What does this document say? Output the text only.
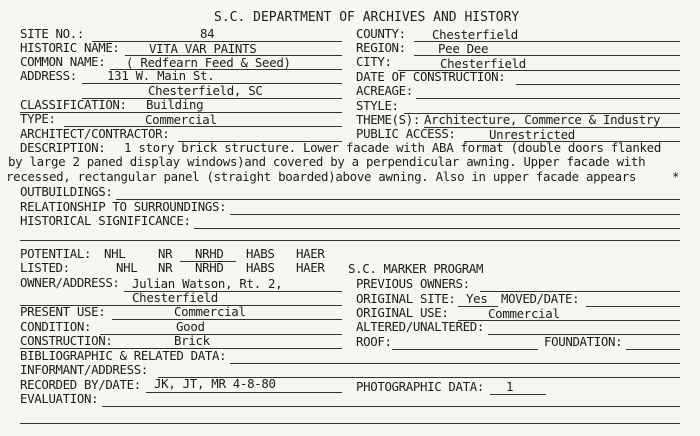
S.C. DEPARTMENT OF ARCHIVES AND HISTORY
SITE NO.:	84
HISTORIC NAME: VITA VAR PAINTS
COMMON NAME: ( Redfearn Feed & Seed)
ADDRESS: 131 W. Main St.
Chesterfield, SC
CLASSIFICATION: Building
TYPE:	Commercial
ARCHITECT/CONTRACTOR:
COUNTY: Chesterfield
REGION:	Pee Dee
CITY:	Chesterfield
DATE OF CONSTRUCTION:
ACREAGE:
STYLE:
THEME(S): Architecture, Commerce & Industry
PUBLIC ACCESS:	Unrestricted
DESCRIPTION: 1 story brick structure. Lower facade with ABA format (double doors flanked
by large 2 paned display windows)and covered by a perpendicular awning. Upper facade with
recessed, rectangular panel (straight boarded)above awning. Also in upper facade appears	*
OUTBUILDINGS:
RELATIONSHIP TO SURROUNDINGS:
HISTORICAL SIGNIFICANCE:
POTENTIAL: NHL	NR NRHD HABS HAER
LISTED:	NHL NR NRHD HABS HAER S.C. MARKER PROGRAM
OWNER/ADDRESS: Julian Watson, Rt. 2,
Chesterfield
PRESENT USE:	Commercial
CONDITION:	Good
CONSTRUCTION:	Brick
BIBLIOGRAPHIC & RELATED DATA:
INFORMANT/ADDRESS:
RECORDED BY/DATE: JK, JT, MR 4-8-80
EVALUATION:
PREVIOUS OWNERS:
ORIGINAL SITE: Yes MOVED/DATE:
ORIGINAL USE:	Commercial
ALTERED/UNALTERED:
ROOF:	FOUNDATION:
PHOTOGRAPHIC DATA: 1
